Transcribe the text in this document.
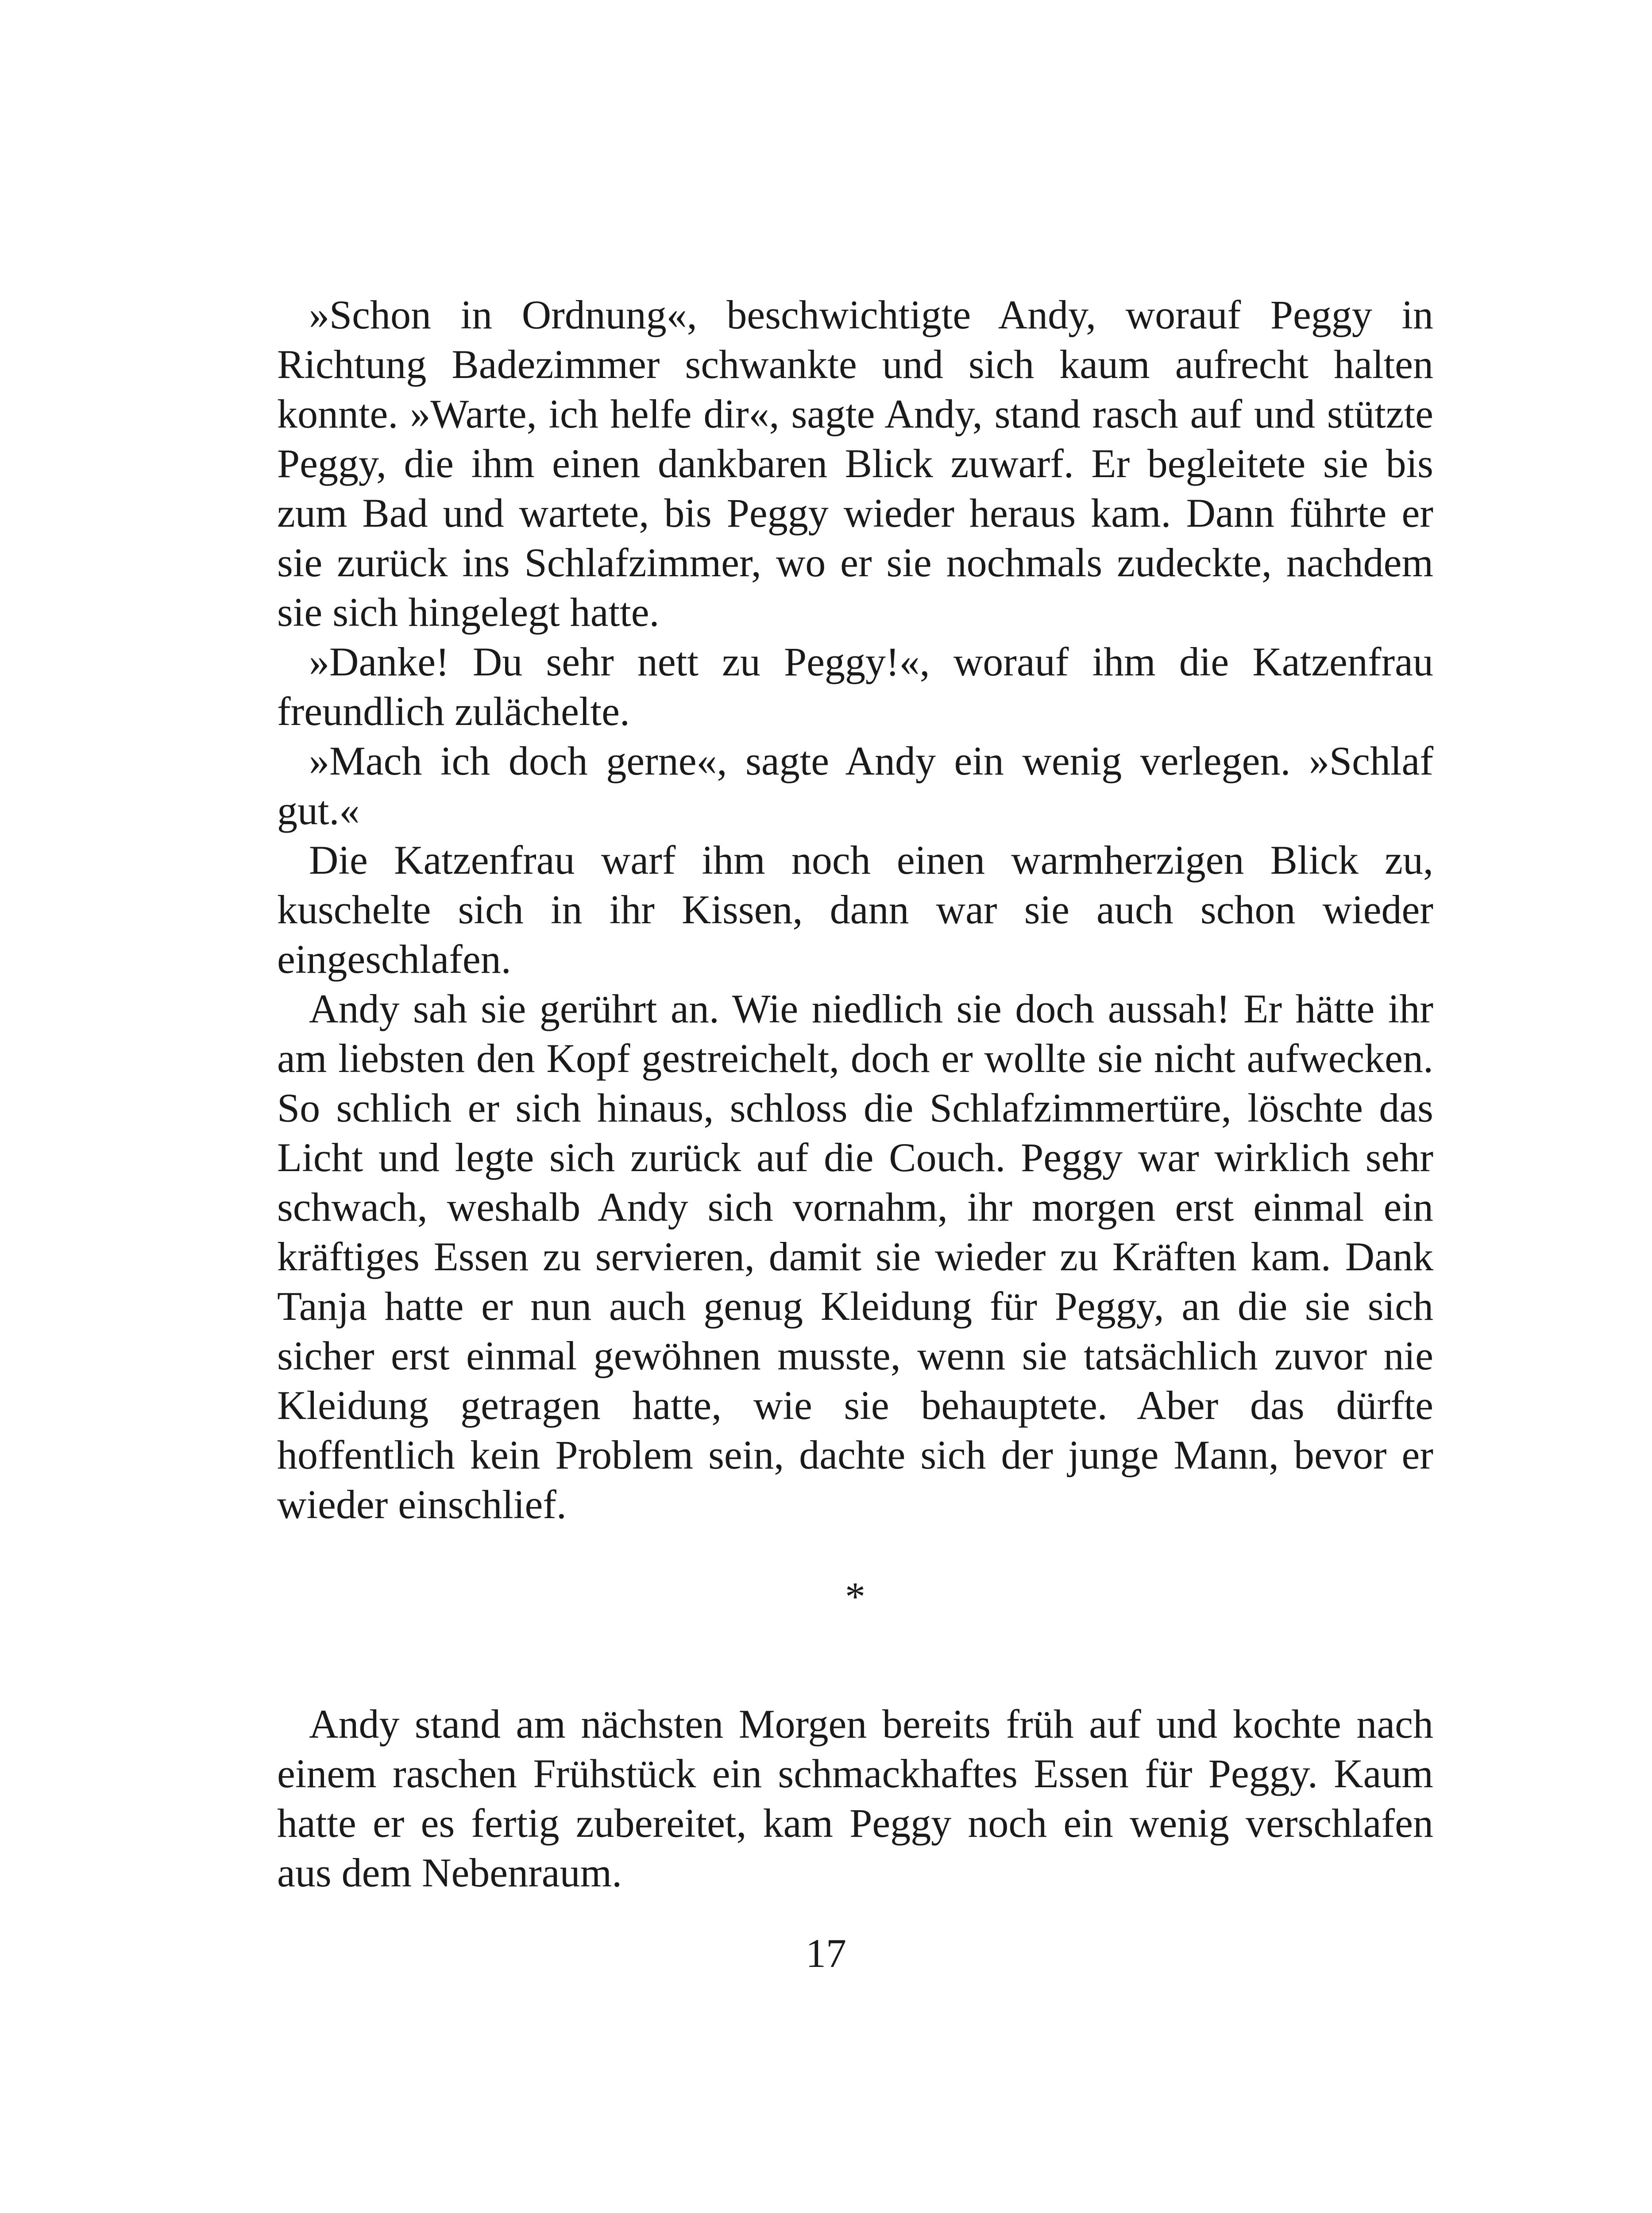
»Schon in Ordnung«, beschwichtigte Andy, worauf Peggy in Richtung Badezimmer schwankte und sich kaum aufrecht halten konnte. »Warte, ich helfe dir«, sagte Andy, stand rasch auf und stützte Peggy, die ihm einen dankbaren Blick zuwarf. Er begleitete sie bis zum Bad und wartete, bis Peggy wieder heraus kam. Dann führte er sie zurück ins Schlafzimmer, wo er sie nochmals zudeckte, nachdem sie sich hingelegt hatte.

»Danke! Du sehr nett zu Peggy!«, worauf ihm die Katzenfrau freundlich zulächelte.

»Mach ich doch gerne«, sagte Andy ein wenig verlegen. »Schlaf gut.«

Die Katzenfrau warf ihm noch einen warmherzigen Blick zu, kuschelte sich in ihr Kissen, dann war sie auch schon wieder eingeschlafen.

Andy sah sie gerührt an. Wie niedlich sie doch aussah! Er hätte ihr am liebsten den Kopf gestreichelt, doch er wollte sie nicht aufwecken. So schlich er sich hinaus, schloss die Schlafzimmertüre, löschte das Licht und legte sich zurück auf die Couch. Peggy war wirklich sehr schwach, weshalb Andy sich vornahm, ihr morgen erst einmal ein kräftiges Essen zu servieren, damit sie wieder zu Kräften kam. Dank Tanja hatte er nun auch genug Kleidung für Peggy, an die sie sich sicher erst einmal gewöhnen musste, wenn sie tatsächlich zuvor nie Kleidung getragen hatte, wie sie behauptete. Aber das dürfte hoffentlich kein Problem sein, dachte sich der junge Mann, bevor er wieder einschlief.

*

Andy stand am nächsten Morgen bereits früh auf und kochte nach einem raschen Frühstück ein schmackhaftes Essen für Peggy. Kaum hatte er es fertig zubereitet, kam Peggy noch ein wenig verschlafen aus dem Nebenraum.

17
